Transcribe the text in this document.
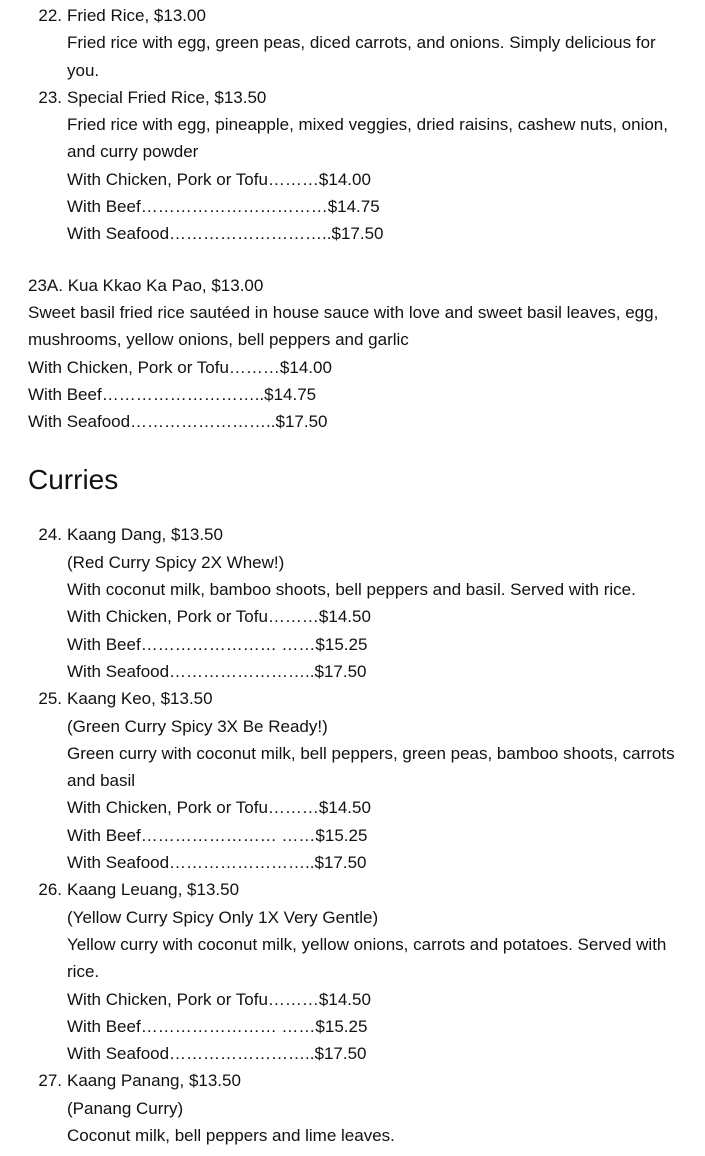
22. Fried Rice, $13.00
Fried rice with egg, green peas, diced carrots, and onions. Simply delicious for you.
23. Special Fried Rice, $13.50
Fried rice with egg, pineapple, mixed veggies, dried raisins, cashew nuts, onion, and curry powder
With Chicken, Pork or Tofu………$14.00
With Beef……………………………$14.75
With Seafood………………………..$17.50
23A. Kua Kkao Ka Pao, $13.00
Sweet basil fried rice sautéed in house sauce with love and sweet basil leaves, egg, mushrooms, yellow onions, bell peppers and garlic
With Chicken, Pork or Tofu………$14.00
With Beef………………………..$14.75
With Seafood……………………..$17.50
Curries
24. Kaang Dang, $13.50
(Red Curry Spicy 2X Whew!)
With coconut milk, bamboo shoots, bell peppers and basil. Served with rice.
With Chicken, Pork or Tofu………$14.50
With Beef…………………… ……$15.25
With Seafood……………………..$17.50
25. Kaang Keo, $13.50
(Green Curry Spicy 3X Be Ready!)
Green curry with coconut milk, bell peppers, green peas, bamboo shoots, carrots and basil
With Chicken, Pork or Tofu………$14.50
With Beef…………………… ……$15.25
With Seafood……………………..$17.50
26. Kaang Leuang, $13.50
(Yellow Curry Spicy Only 1X Very Gentle)
Yellow curry with coconut milk, yellow onions, carrots and potatoes. Served with rice.
With Chicken, Pork or Tofu………$14.50
With Beef…………………… ……$15.25
With Seafood……………………..$17.50
27. Kaang Panang, $13.50
(Panang Curry)
Coconut milk, bell peppers and lime leaves.
